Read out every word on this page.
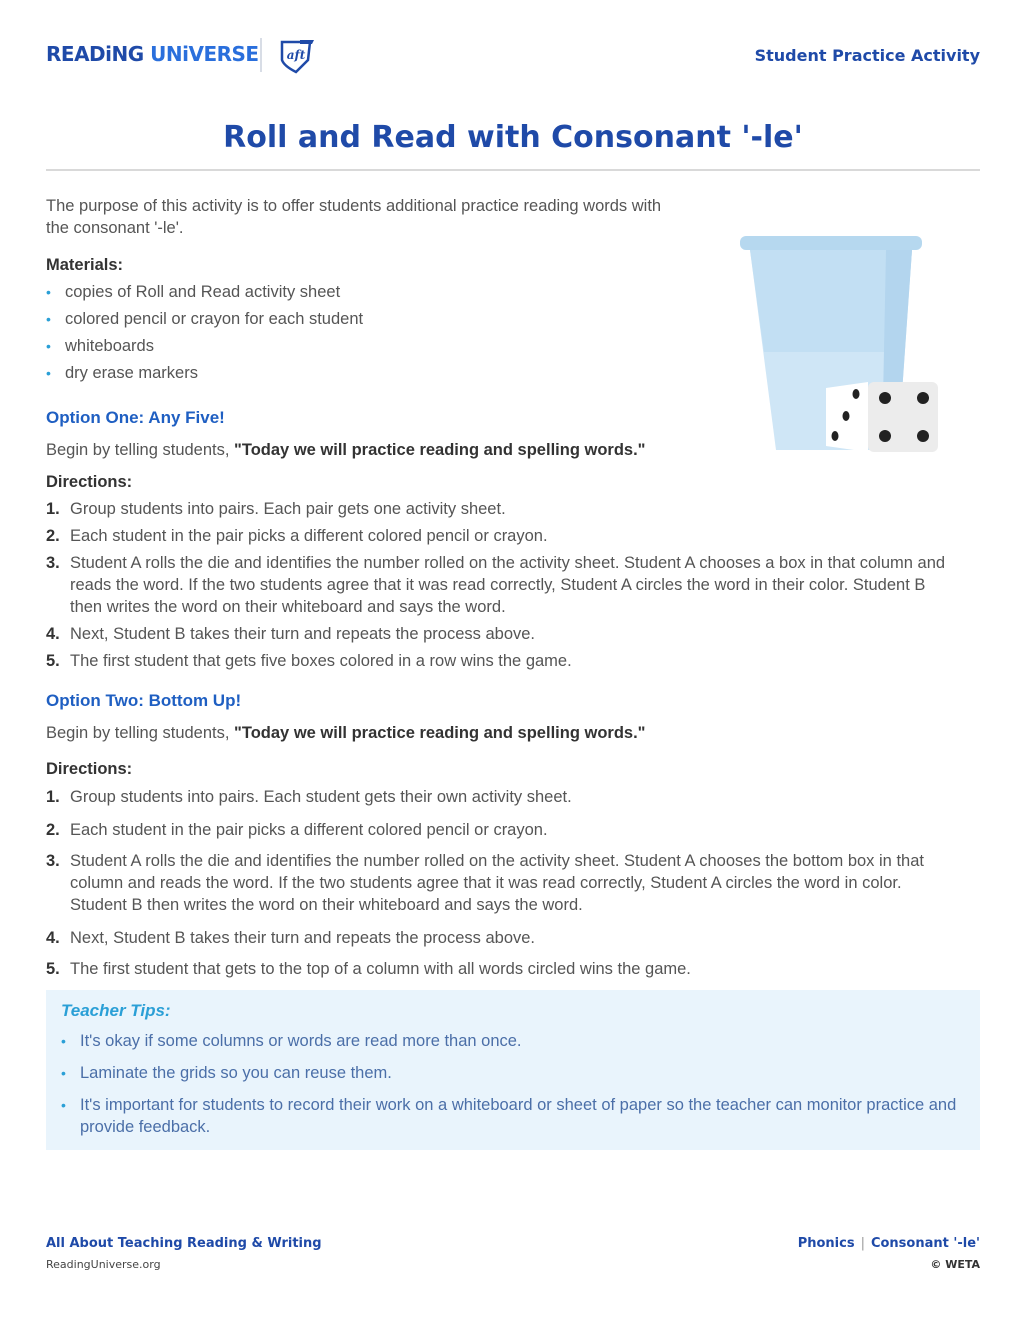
READiNG UNiVERSE aft	Student Practice Activity
Roll and Read with Consonant '-le'
The purpose of this activity is to offer students additional practice reading words with the consonant '-le'.
Materials:
• copies of Roll and Read activity sheet
• colored pencil or crayon for each student
• whiteboards
• dry erase markers
Option One: Any Five!
Begin by telling students, "Today we will practice reading and spelling words."
Directions:
1. Group students into pairs. Each pair gets one activity sheet.
2. Each student in the pair picks a different colored pencil or crayon.
3. Student A rolls the die and identifies the number rolled on the activity sheet. Student A chooses a box in that column and reads the word. If the two students agree that it was read correctly, Student A circles the word in their color. Student B then writes the word on their whiteboard and says the word.
4. Next, Student B takes their turn and repeats the process above.
5. The first student that gets five boxes colored in a row wins the game.
Option Two: Bottom Up!
Begin by telling students, "Today we will practice reading and spelling words."
Directions:
1. Group students into pairs. Each student gets their own activity sheet.
2. Each student in the pair picks a different colored pencil or crayon.
3. Student A rolls the die and identifies the number rolled on the activity sheet. Student A chooses the bottom box in that column and reads the word. If the two students agree that it was read correctly, Student A circles the word in color. Student B then writes the word on their whiteboard and says the word.
4. Next, Student B takes their turn and repeats the process above.
5. The first student that gets to the top of a column with all words circled wins the game.
Teacher Tips:
• It's okay if some columns or words are read more than once.
• Laminate the grids so you can reuse them.
• It's important for students to record their work on a whiteboard or sheet of paper so the teacher can monitor practice and provide feedback.
All About Teaching Reading & Writing
ReadingUniverse.org
Phonics | Consonant '-le'
© WETA
